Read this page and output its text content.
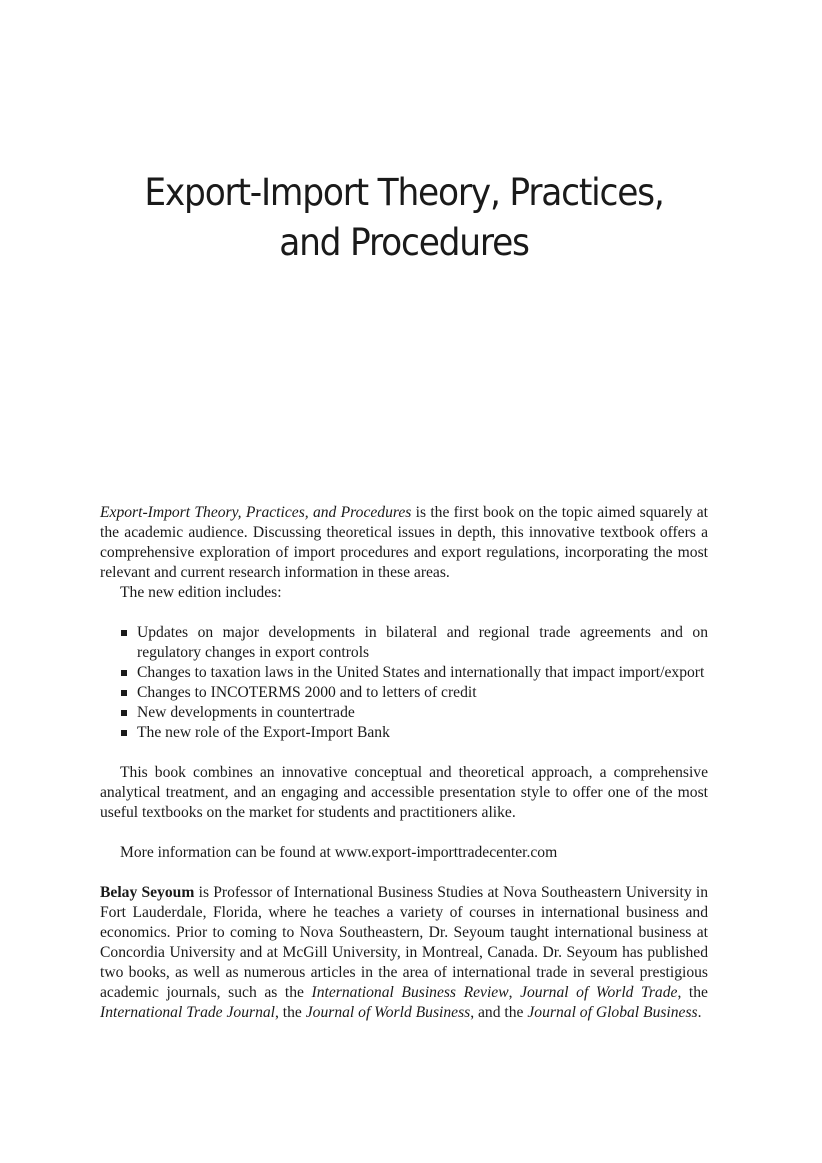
Export-Import Theory, Practices,
and Procedures

Export-Import Theory, Practices, and Procedures is the first book on the topic aimed squarely at the academic audience. Discussing theoretical issues in depth, this innovative textbook offers a comprehensive exploration of import procedures and export regulations, incorporating the most relevant and current research information in these areas.

The new edition includes:

Updates on major developments in bilateral and regional trade agreements and on regulatory changes in export controls
Changes to taxation laws in the United States and internationally that impact import/export
Changes to INCOTERMS 2000 and to letters of credit
New developments in countertrade
The new role of the Export-Import Bank

This book combines an innovative conceptual and theoretical approach, a comprehensive analytical treatment, and an engaging and accessible presentation style to offer one of the most useful textbooks on the market for students and practitioners alike.

More information can be found at www.export-importtradecenter.com

Belay Seyoum is Professor of International Business Studies at Nova Southeastern University in Fort Lauderdale, Florida, where he teaches a variety of courses in international business and economics. Prior to coming to Nova Southeastern, Dr. Seyoum taught international business at Concordia University and at McGill University, in Montreal, Canada. Dr. Seyoum has published two books, as well as numerous articles in the area of international trade in several prestigious academic journals, such as the International Business Review, Journal of World Trade, the International Trade Journal, the Journal of World Business, and the Journal of Global Business.
